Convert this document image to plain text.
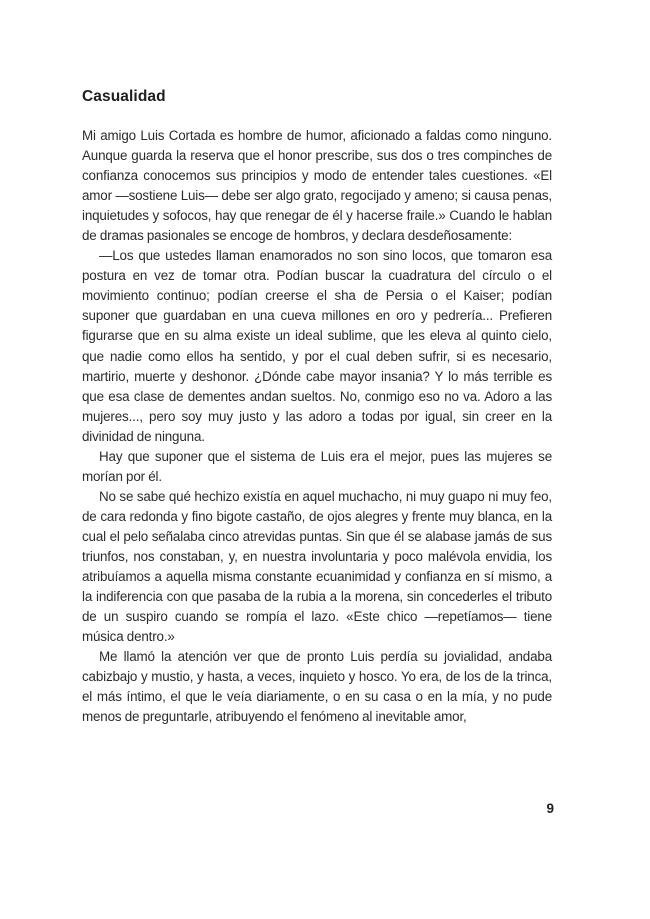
Casualidad

Mi amigo Luis Cortada es hombre de humor, aficionado a faldas como ninguno. Aunque guarda la reserva que el honor prescribe, sus dos o tres compinches de confianza conocemos sus principios y modo de entender tales cuestiones. «El amor —sostiene Luis— debe ser algo grato, regocijado y ameno; si causa penas, inquietudes y sofocos, hay que renegar de él y hacerse fraile.» Cuando le hablan de dramas pasionales se encoge de hombros, y declara desdeñosamente:

—Los que ustedes llaman enamorados no son sino locos, que tomaron esa postura en vez de tomar otra. Podían buscar la cuadratura del círculo o el movimiento continuo; podían creerse el sha de Persia o el Kaiser; podían suponer que guardaban en una cueva millones en oro y pedrería... Prefieren figurarse que en su alma existe un ideal sublime, que les eleva al quinto cielo, que nadie como ellos ha sentido, y por el cual deben sufrir, si es necesario, martirio, muerte y deshonor. ¿Dónde cabe mayor insania? Y lo más terrible es que esa clase de dementes andan sueltos. No, conmigo eso no va. Adoro a las mujeres..., pero soy muy justo y las adoro a todas por igual, sin creer en la divinidad de ninguna.

Hay que suponer que el sistema de Luis era el mejor, pues las mujeres se morían por él.

No se sabe qué hechizo existía en aquel muchacho, ni muy guapo ni muy feo, de cara redonda y fino bigote castaño, de ojos alegres y frente muy blanca, en la cual el pelo señalaba cinco atrevidas puntas. Sin que él se alabase jamás de sus triunfos, nos constaban, y, en nuestra involuntaria y poco malévola envidia, los atribuíamos a aquella misma constante ecuanimidad y confianza en sí mismo, a la indiferencia con que pasaba de la rubia a la morena, sin concederles el tributo de un suspiro cuando se rompía el lazo. «Este chico —repetíamos— tiene música dentro.»

Me llamó la atención ver que de pronto Luis perdía su jovialidad, andaba cabizbajo y mustio, y hasta, a veces, inquieto y hosco. Yo era, de los de la trinca, el más íntimo, el que le veía diariamente, o en su casa o en la mía, y no pude menos de preguntarle, atribuyendo el fenómeno al inevitable amor,

9
